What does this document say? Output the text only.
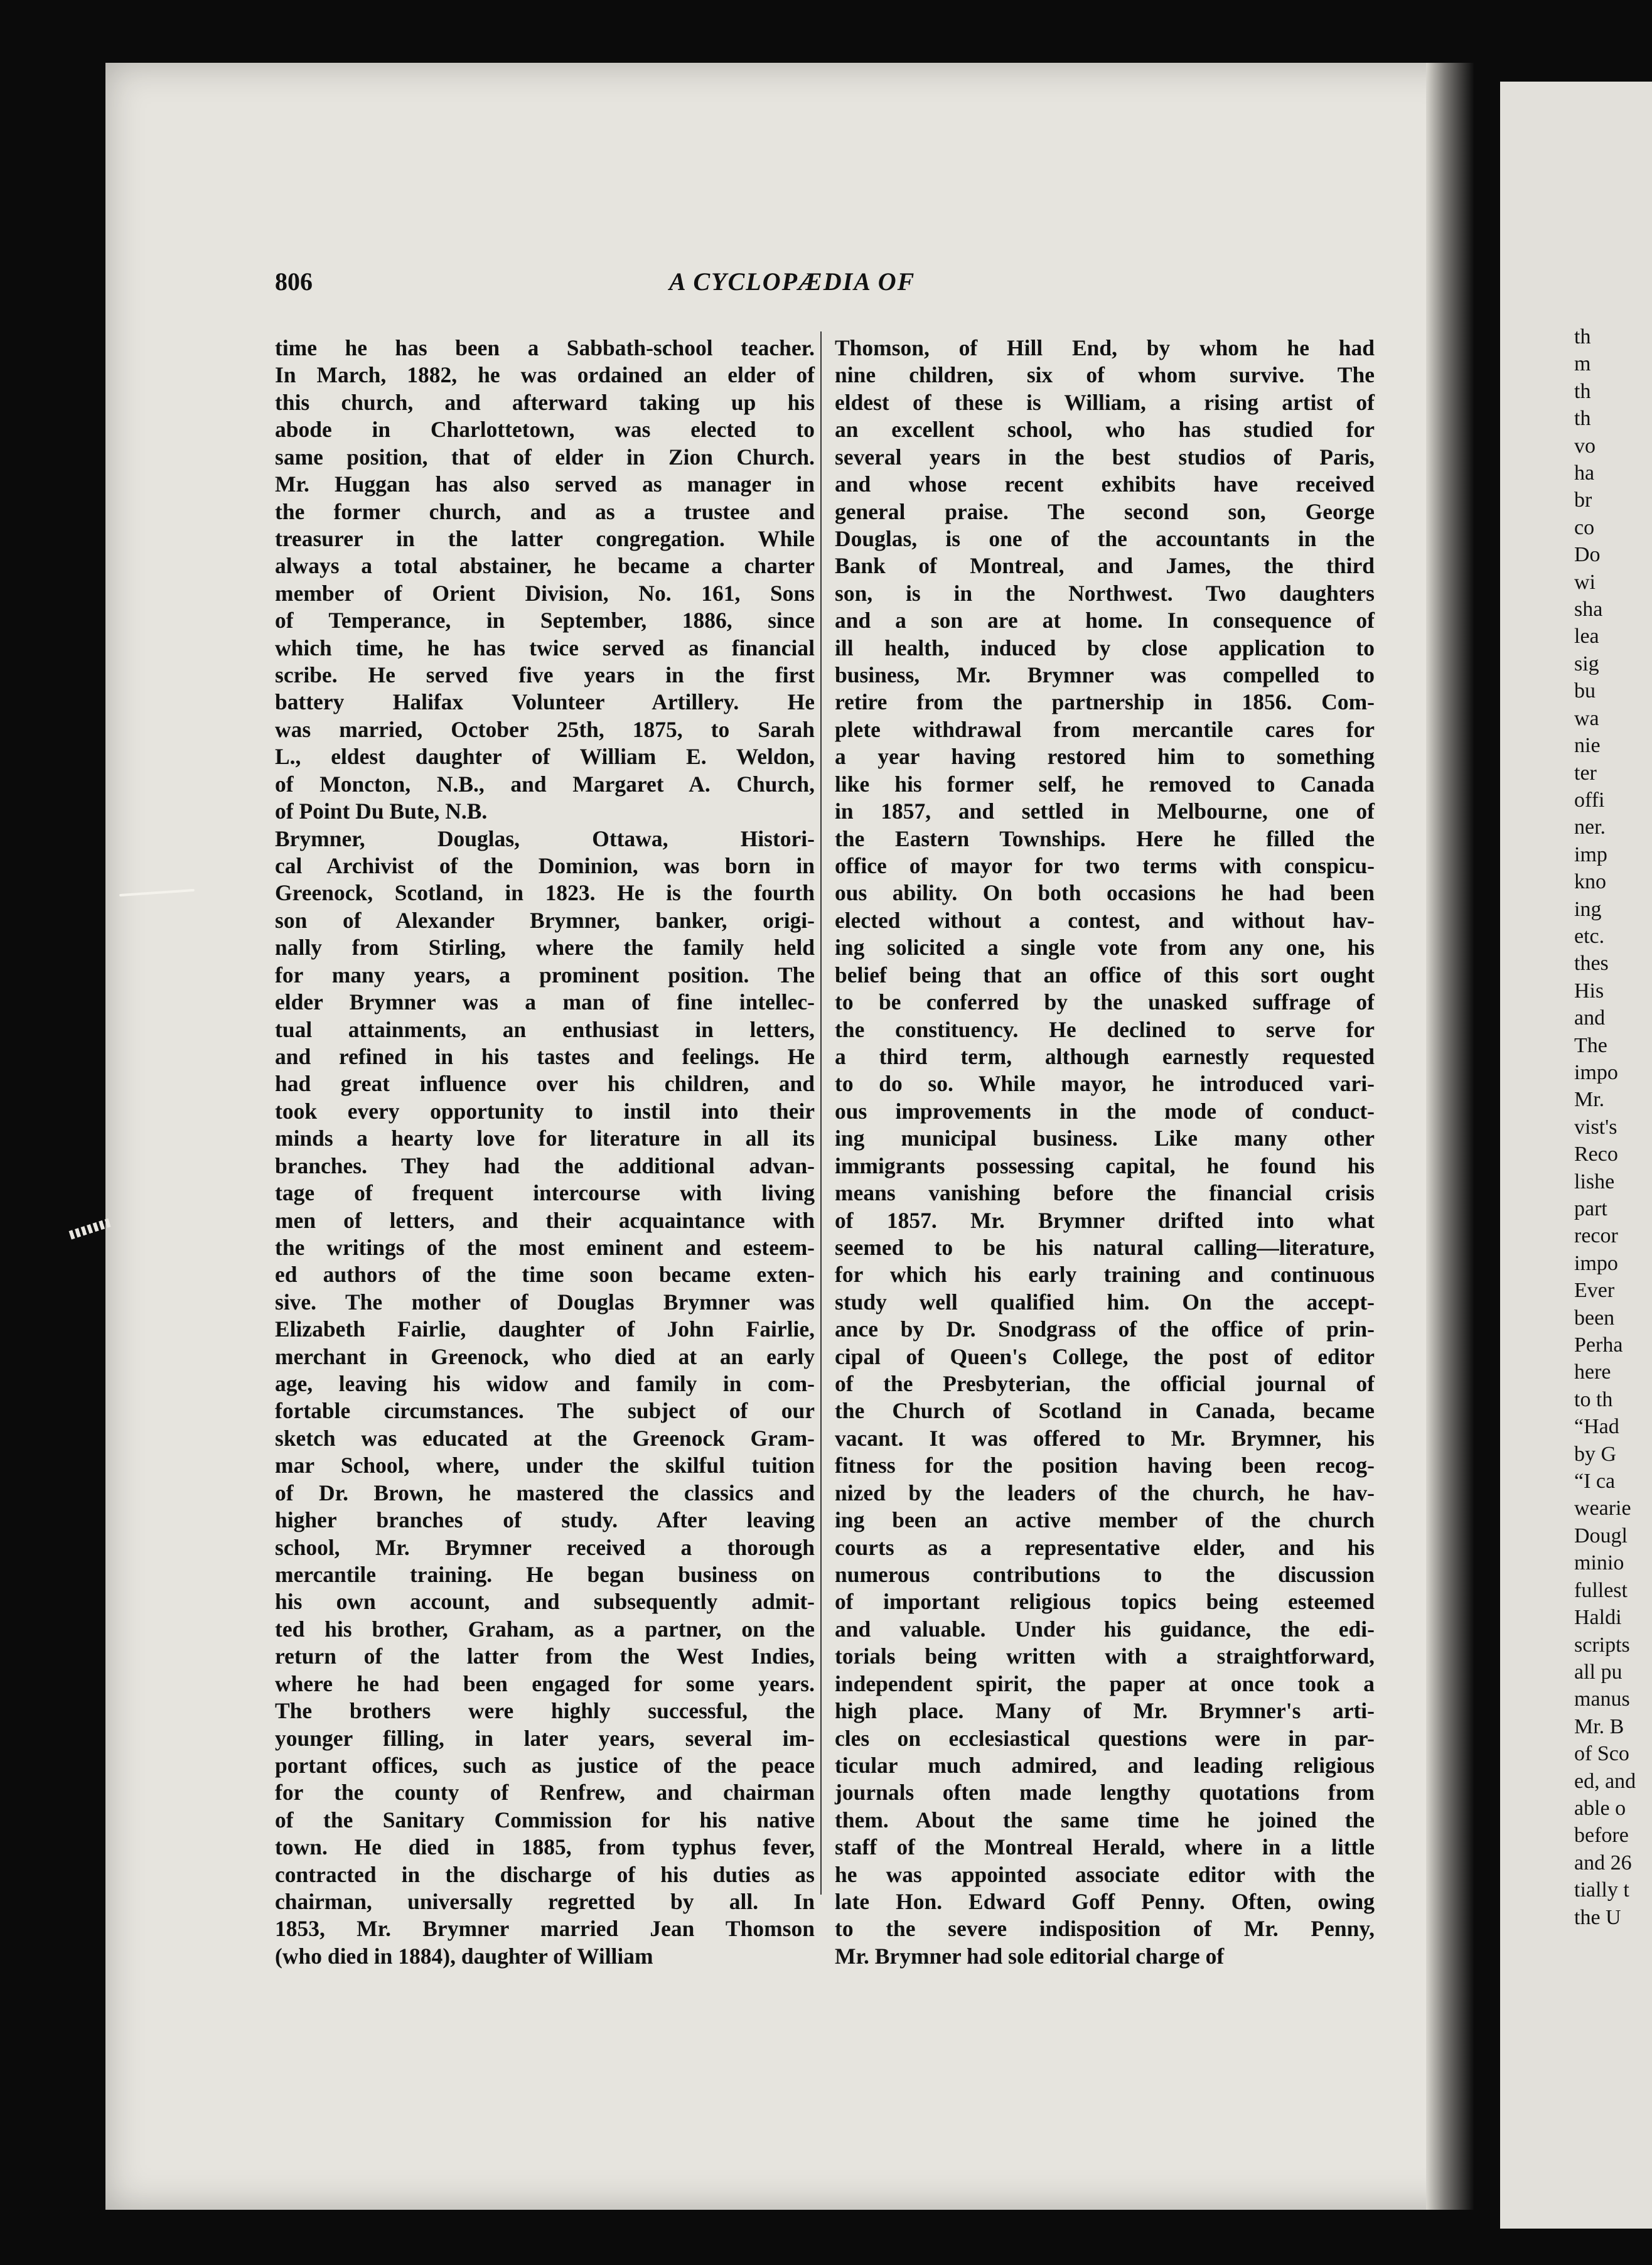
th
m
th
th
vo
ha
br
co
Do
wi
sha
lea
sig
bu
wa
nie
ter
offi
ner.
imp
kno
ing
etc.
thes
His
and
The
impo
Mr.
vist's
Reco
lishe
part
recor
impo
Ever
been
Perha
here
to th
“Had
by G
“I ca
wearie
Dougl
minio
fullest
Haldi
scripts
all pu
manus
Mr. B
of Sco
ed, and
able o
before
and 26
tially t
the U
806	A CYCLOPÆDIA OF
time he has been a Sabbath-school teacher.
In March, 1882, he was ordained an elder of
this church, and afterward taking up his
abode in Charlottetown, was elected to
same position, that of elder in Zion Church.
Mr. Huggan has also served as manager in
the former church, and as a trustee and
treasurer in the latter congregation. While
always a total abstainer, he became a charter
member of Orient Division, No. 161, Sons
of Temperance, in September, 1886, since
which time, he has twice served as financial
scribe. He served five years in the first
battery Halifax Volunteer Artillery. He
was married, October 25th, 1875, to Sarah
L., eldest daughter of William E. Weldon,
of Moncton, N.B., and Margaret A. Church,
of Point Du Bute, N.B.
Brymner, Douglas, Ottawa, Histori-
cal Archivist of the Dominion, was born in
Greenock, Scotland, in 1823. He is the fourth
son of Alexander Brymner, banker, origi-
nally from Stirling, where the family held
for many years, a prominent position. The
elder Brymner was a man of fine intellec-
tual attainments, an enthusiast in letters,
and refined in his tastes and feelings. He
had great influence over his children, and
took every opportunity to instil into their
minds a hearty love for literature in all its
branches. They had the additional advan-
tage of frequent intercourse with living
men of letters, and their acquaintance with
the writings of the most eminent and esteem-
ed authors of the time soon became exten-
sive. The mother of Douglas Brymner was
Elizabeth Fairlie, daughter of John Fairlie,
merchant in Greenock, who died at an early
age, leaving his widow and family in com-
fortable circumstances. The subject of our
sketch was educated at the Greenock Gram-
mar School, where, under the skilful tuition
of Dr. Brown, he mastered the classics and
higher branches of study. After leaving
school, Mr. Brymner received a thorough
mercantile training. He began business on
his own account, and subsequently admit-
ted his brother, Graham, as a partner, on the
return of the latter from the West Indies,
where he had been engaged for some years.
The brothers were highly successful, the
younger filling, in later years, several im-
portant offices, such as justice of the peace
for the county of Renfrew, and chairman
of the Sanitary Commission for his native
town. He died in 1885, from typhus fever,
contracted in the discharge of his duties as
chairman, universally regretted by all. In
1853, Mr. Brymner married Jean Thomson
(who died in 1884), daughter of William
Thomson, of Hill End, by whom he had
nine children, six of whom survive. The
eldest of these is William, a rising artist of
an excellent school, who has studied for
several years in the best studios of Paris,
and whose recent exhibits have received
general praise. The second son, George
Douglas, is one of the accountants in the
Bank of Montreal, and James, the third
son, is in the Northwest. Two daughters
and a son are at home. In consequence of
ill health, induced by close application to
business, Mr. Brymner was compelled to
retire from the partnership in 1856. Com-
plete withdrawal from mercantile cares for
a year having restored him to something
like his former self, he removed to Canada
in 1857, and settled in Melbourne, one of
the Eastern Townships. Here he filled the
office of mayor for two terms with conspicu-
ous ability. On both occasions he had been
elected without a contest, and without hav-
ing solicited a single vote from any one, his
belief being that an office of this sort ought
to be conferred by the unasked suffrage of
the constituency. He declined to serve for
a third term, although earnestly requested
to do so. While mayor, he introduced vari-
ous improvements in the mode of conduct-
ing municipal business. Like many other
immigrants possessing capital, he found his
means vanishing before the financial crisis
of 1857. Mr. Brymner drifted into what
seemed to be his natural calling—literature,
for which his early training and continuous
study well qualified him. On the accept-
ance by Dr. Snodgrass of the office of prin-
cipal of Queen's College, the post of editor
of the Presbyterian, the official journal of
the Church of Scotland in Canada, became
vacant. It was offered to Mr. Brymner, his
fitness for the position having been recog-
nized by the leaders of the church, he hav-
ing been an active member of the church
courts as a representative elder, and his
numerous contributions to the discussion
of important religious topics being esteemed
and valuable. Under his guidance, the edi-
torials being written with a straightforward,
independent spirit, the paper at once took a
high place. Many of Mr. Brymner's arti-
cles on ecclesiastical questions were in par-
ticular much admired, and leading religious
journals often made lengthy quotations from
them. About the same time he joined the
staff of the Montreal Herald, where in a little
he was appointed associate editor with the
late Hon. Edward Goff Penny. Often, owing
to the severe indisposition of Mr. Penny,
Mr. Brymner had sole editorial charge of
